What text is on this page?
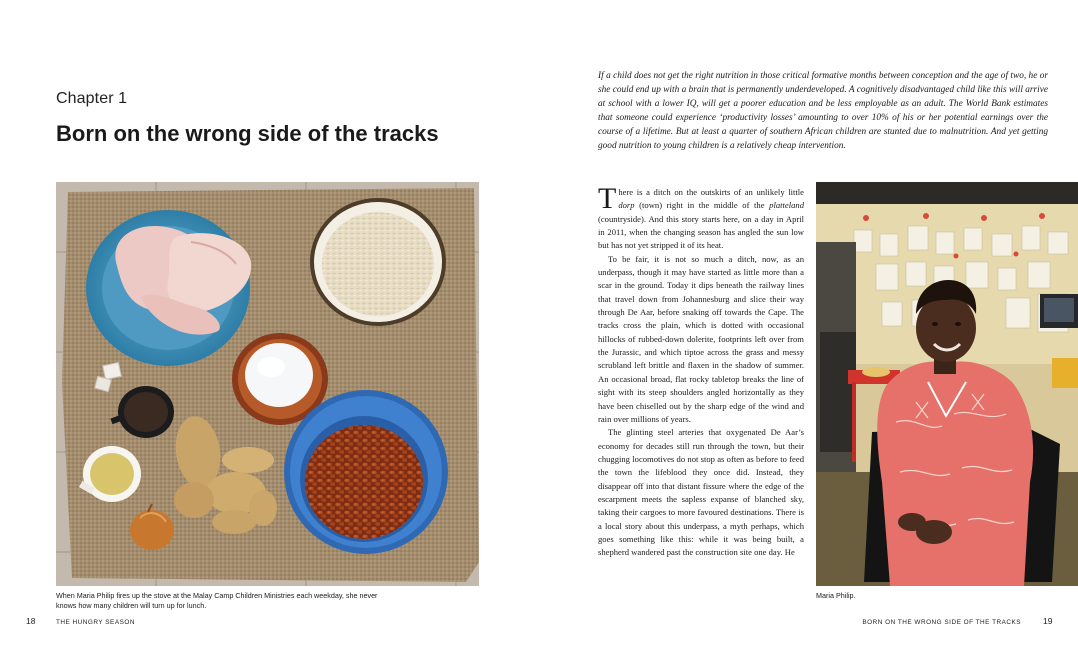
Chapter 1
Born on the wrong side of the tracks

When Maria Philip fires up the stove at the Malay Camp Children Ministries each weekday, she never knows how many children will turn up for lunch.

THE HUNGRY SEASON
18

If a child does not get the right nutrition in those critical formative months between conception and the age of two, he or she could end up with a brain that is permanently underdeveloped. A cognitively disadvantaged child like this will arrive at school with a lower IQ, will get a poorer education and be less employable as an adult. The World Bank estimates that someone could experience ‘productivity losses’ amounting to over 10% of his or her potential earnings over the course of a lifetime. But at least a quarter of southern African children are stunted due to malnutrition. And yet getting good nutrition to young children is a relatively cheap intervention.

There is a ditch on the outskirts of an unlikely little dorp (town) right in the middle of the platteland (countryside). And this story starts here, on a day in April in 2011, when the changing season has angled the sun low but has not yet stripped it of its heat.

To be fair, it is not so much a ditch, now, as an underpass, though it may have started as little more than a scar in the ground. Today it dips beneath the railway lines that travel down from Johannesburg and slice their way through De Aar, before snaking off towards the Cape. The tracks cross the plain, which is dotted with occasional hillocks of rubbed-down dolerite, footprints left over from the Jurassic, and which tiptoe across the grass and messy scrubland left brittle and flaxen in the shadow of summer. An occasional broad, flat rocky tabletop breaks the line of sight with its steep shoulders angled horizontally as they have been chiselled out by the sharp edge of the wind and rain over millions of years.

The glinting steel arteries that oxygenated De Aar’s economy for decades still run through the town, but their chugging locomotives do not stop as often as before to feed the town the lifeblood they once did. Instead, they disappear off into that distant fissure where the edge of the escarpment meets the sapless expanse of blanched sky, taking their cargoes to more favoured destinations. There is a local story about this underpass, a myth perhaps, which goes something like this: while it was being built, a shepherd wandered past the construction site one day. He

Maria Philip.

BORN ON THE WRONG SIDE OF THE TRACKS	19
